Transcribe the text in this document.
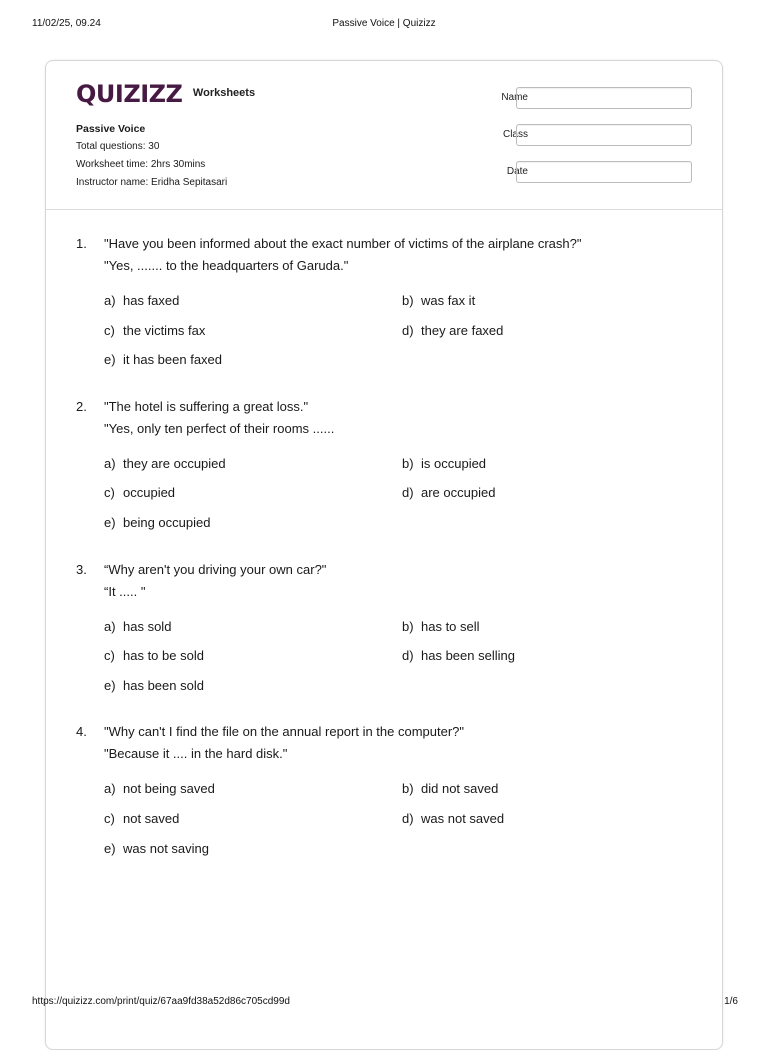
11/02/25, 09.24	Passive Voice | Quizizz
QUIZIZZ $^{Worksheets}$
Passive Voice
Total questions: 30
Worksheet time: 2hrs 30mins
Instructor name: Eridha Sepitasari
Name
Class
Date
1. "Have you been informed about the exact number of victims of the airplane crash?"
"Yes, ....... to the headquarters of Garuda."
a) has faxed	b) was fax it
c) the victims fax	d) they are faxed
e) it has been faxed
2. "The hotel is suffering a great loss."
"Yes, only ten perfect of their rooms ......
a) they are occupied	b) is occupied
c) occupied	d) are occupied
e) being occupied
3. “Why aren't you driving your own car?"
“It ..... "
a) has sold	b) has to sell
c) has to be sold	d) has been selling
e) has been sold
4. "Why can't I find the file on the annual report in the computer?"
"Because it .... in the hard disk."
a) not being saved	b) did not saved
c) not saved	d) was not saved
e) was not saving
https://quizizz.com/print/quiz/67aa9fd38a52d86c705cd99d	1/6
